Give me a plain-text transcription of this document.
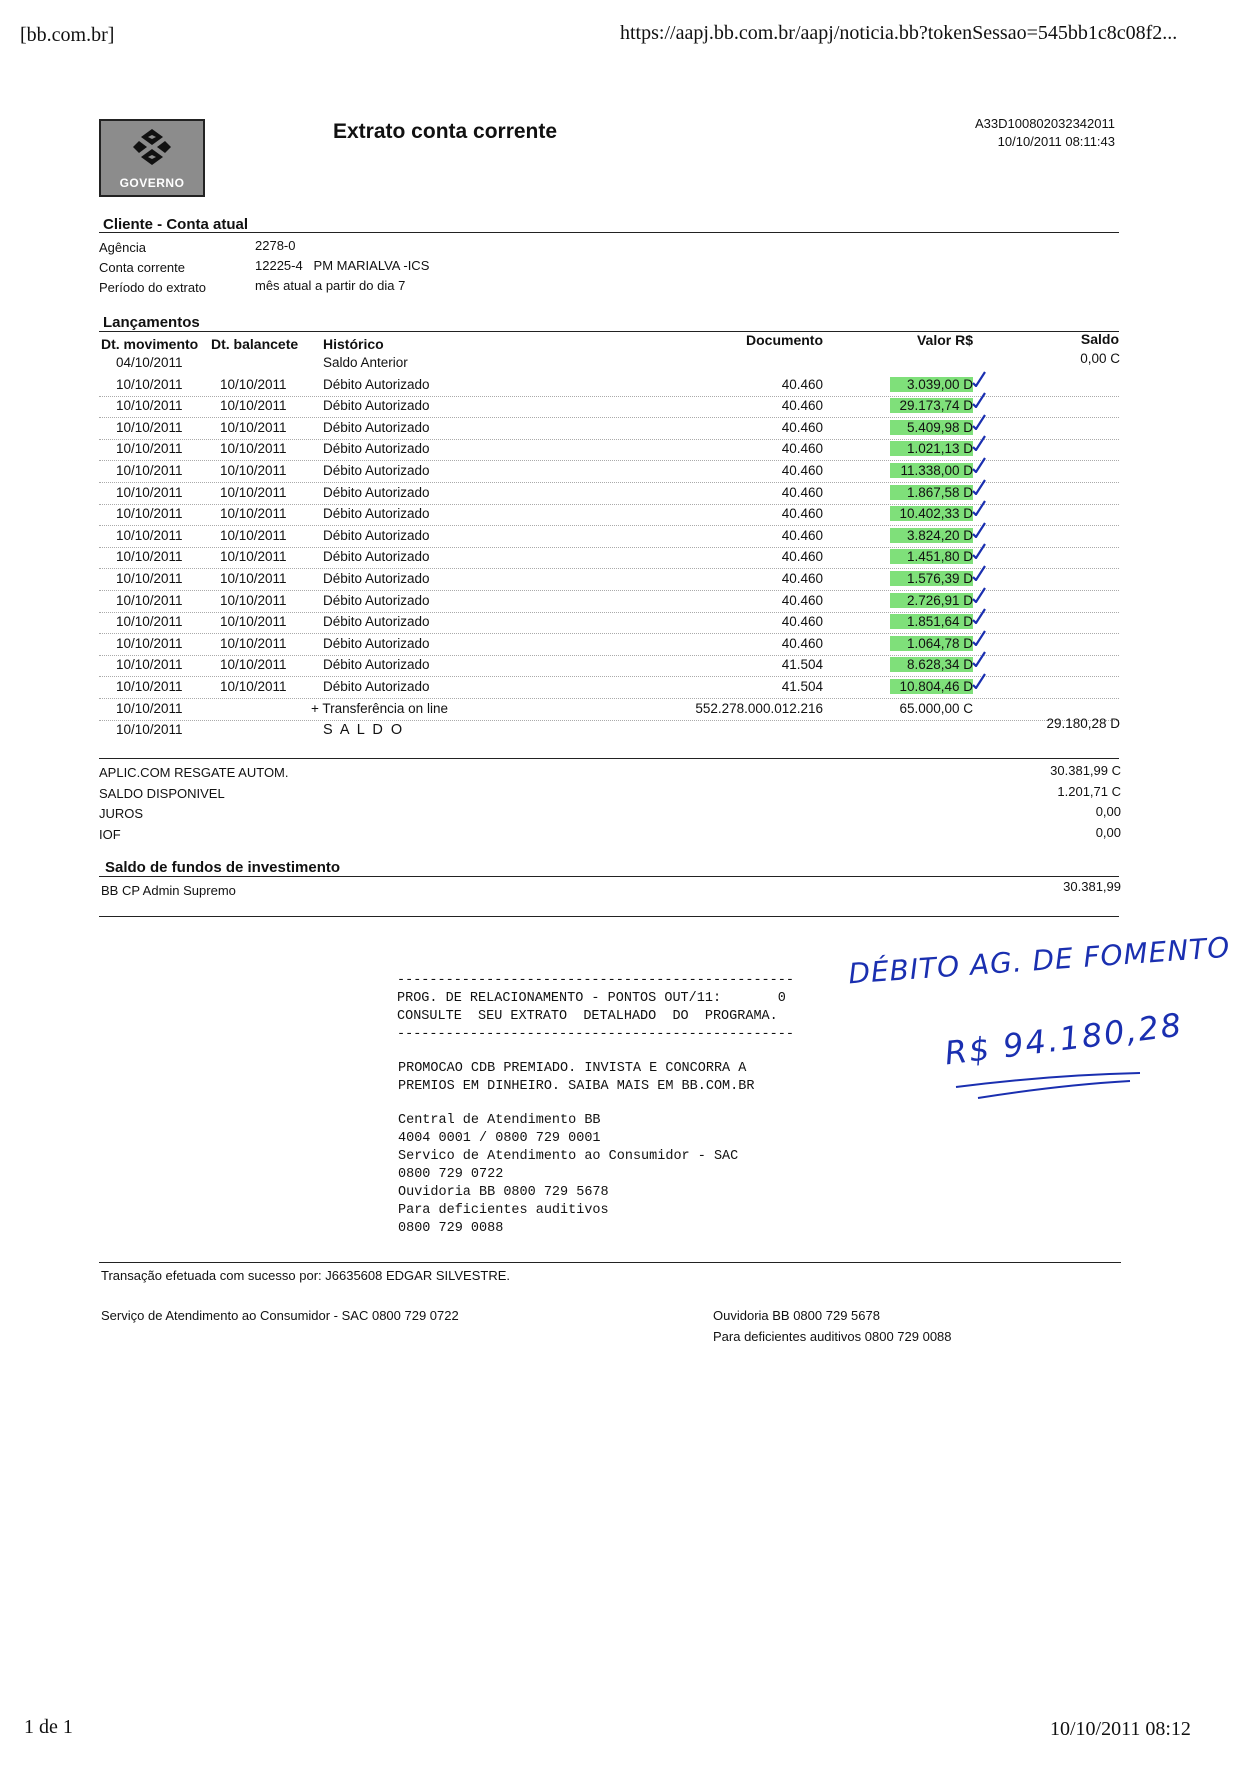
[bb.com.br]	https://aapj.bb.com.br/aapj/noticia.bb?tokenSessao=545bb1c8c08f2...
GOVERNO
Extrato conta corrente	A33D100802032342011
10/10/2011 08:11:43
Cliente - Conta atual
Agência	2278-0
Conta corrente	12225-4   PM MARIALVA -ICS
Período do extrato	mês atual a partir do dia 7
Lançamentos
Dt. movimento Dt. balancete Histórico	Documento	Valor R$	Saldo
04/10/2011	Saldo Anterior	0,00 C
10/10/2011	10/10/2011	Débito Autorizado	40.460	3.039,00 D
10/10/2011	10/10/2011	Débito Autorizado	40.460	29.173,74 D
10/10/2011	10/10/2011	Débito Autorizado	40.460	5.409,98 D
10/10/2011	10/10/2011	Débito Autorizado	40.460	1.021,13 D
10/10/2011	10/10/2011	Débito Autorizado	40.460	11.338,00 D
10/10/2011	10/10/2011	Débito Autorizado	40.460	1.867,58 D
10/10/2011	10/10/2011	Débito Autorizado	40.460	10.402,33 D
10/10/2011	10/10/2011	Débito Autorizado	40.460	3.824,20 D
10/10/2011	10/10/2011	Débito Autorizado	40.460	1.451,80 D
10/10/2011	10/10/2011	Débito Autorizado	40.460	1.576,39 D
10/10/2011	10/10/2011	Débito Autorizado	40.460	2.726,91 D
10/10/2011	10/10/2011	Débito Autorizado	40.460	1.851,64 D
10/10/2011	10/10/2011	Débito Autorizado	40.460	1.064,78 D
10/10/2011	10/10/2011	Débito Autorizado	41.504	8.628,34 D
10/10/2011	10/10/2011	Débito Autorizado	41.504	10.804,46 D
10/10/2011	+ Transferência on line	552.278.000.012.216	65.000,00 C
10/10/2011	S A L D O	29.180,28 D
APLIC.COM RESGATE AUTOM.	30.381,99 C
SALDO DISPONIVEL	1.201,71 C
JUROS	0,00
IOF	0,00
Saldo de fundos de investimento
BB CP Admin Supremo	30.381,99

-------------------------------------------------
PROG. DE RELACIONAMENTO - PONTOS OUT/11:       0
CONSULTE  SEU EXTRATO  DETALHADO  DO  PROGRAMA.
-------------------------------------------------

PROMOCAO CDB PREMIADO. INVISTA E CONCORRA A
PREMIOS EM DINHEIRO. SAIBA MAIS EM BB.COM.BR

Central de Atendimento BB
4004 0001 / 0800 729 0001
Servico de Atendimento ao Consumidor - SAC
0800 729 0722
Ouvidoria BB 0800 729 5678
Para deficientes auditivos
0800 729 0088

DÉBITO AG. DE FOMENTO
R$ 94.180,28
Transação efetuada com sucesso por: J6635608 EDGAR SILVESTRE.
Serviço de Atendimento ao Consumidor - SAC 0800 729 0722	Ouvidoria BB 0800 729 5678
Para deficientes auditivos 0800 729 0088
1 de 1	10/10/2011 08:12
